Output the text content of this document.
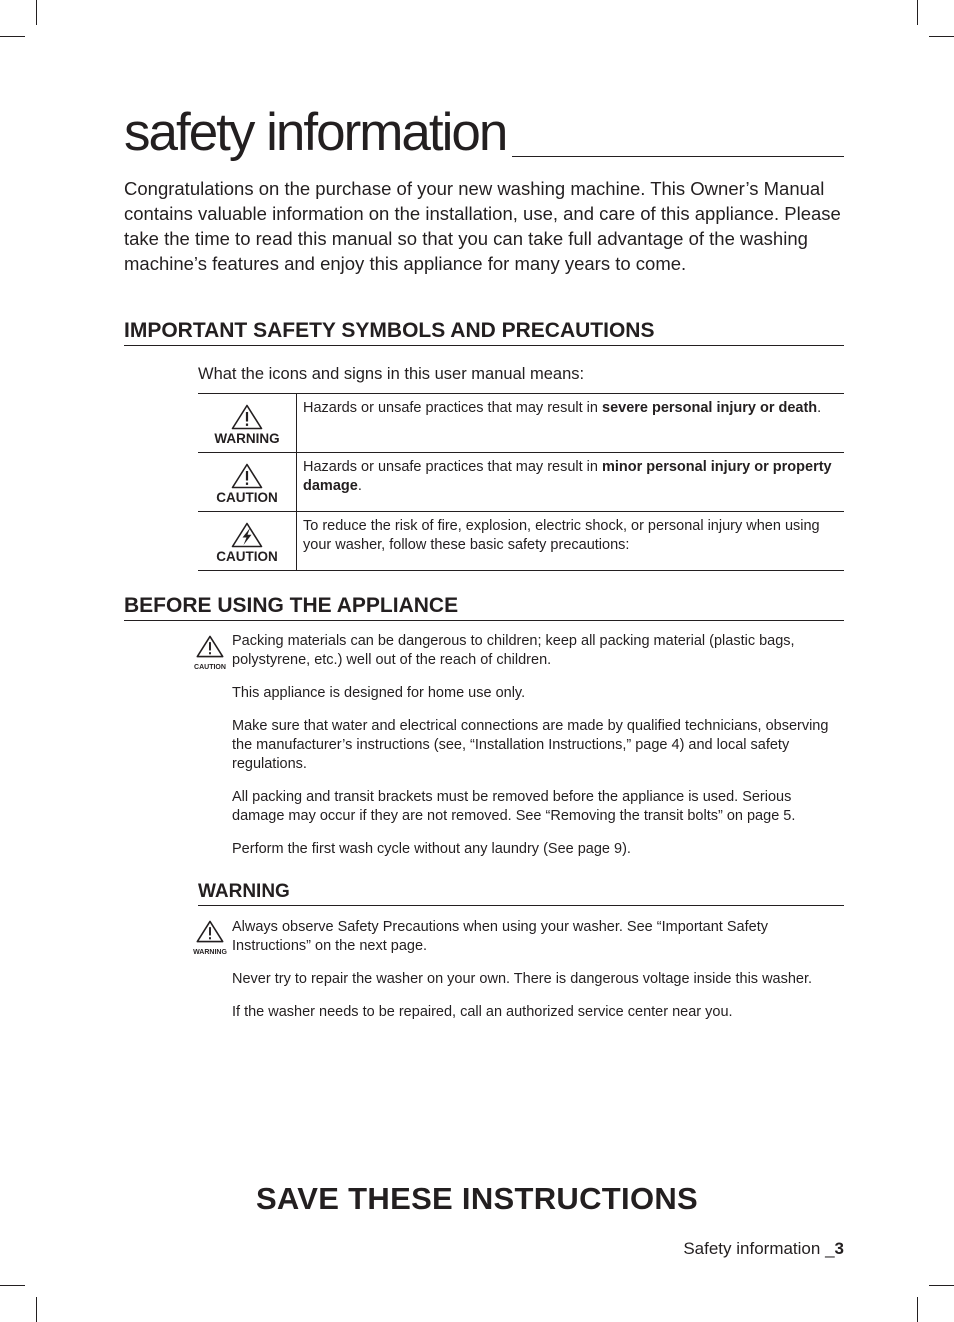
safety information

Congratulations on the purchase of your new washing machine. This Owner’s Manual contains valuable information on the installation, use, and care of this appliance. Please take the time to read this manual so that you can take full advantage of the washing machine’s features and enjoy this appliance for many years to come.

IMPORTANT SAFETY SYMBOLS AND PRECAUTIONS
What the icons and signs in this user manual means:
WARNING	Hazards or unsafe practices that may result in severe personal injury or death.

CAUTION	Hazards or unsafe practices that may result in minor personal injury or property damage.

CAUTION	To reduce the risk of fire, explosion, electric shock, or personal injury when using your washer, follow these basic safety precautions:
BEFORE USING THE APPLIANCE
CAUTION

Packing materials can be dangerous to children; keep all packing material (plastic bags, polystyrene, etc.) well out of the reach of children.

This appliance is designed for home use only.

Make sure that water and electrical connections are made by qualified technicians, observing the manufacturer’s instructions (see, “Installation Instructions,” page 4) and local safety regulations.

All packing and transit brackets must be removed before the appliance is used. Serious damage may occur if they are not removed. See “Removing the transit bolts” on page 5.

Perform the first wash cycle without any laundry (See page 9).

WARNING
WARNING

Always observe Safety Precautions when using your washer. See “Important Safety Instructions” on the next page.

Never try to repair the washer on your own. There is dangerous voltage inside this washer.

If the washer needs to be repaired, call an authorized service center near you.

SAVE THESE INSTRUCTIONS
Safety information _3
